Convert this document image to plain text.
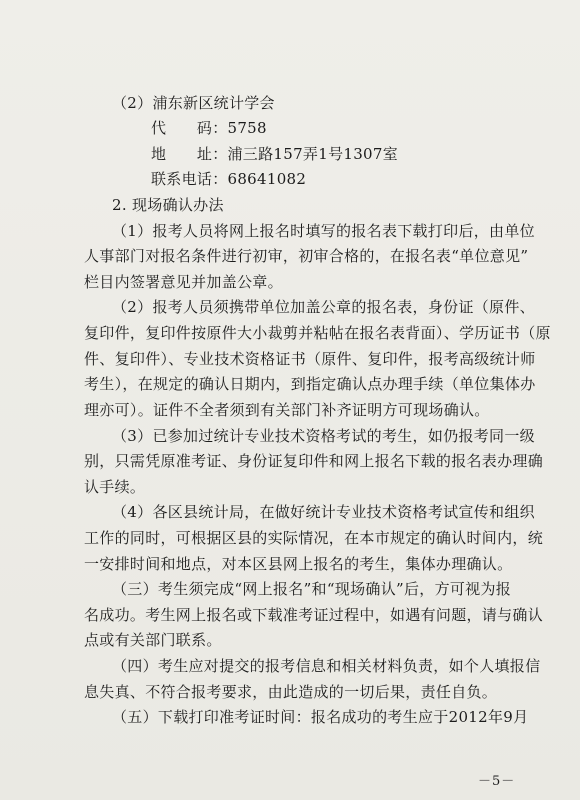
（2）浦东新区统计学会
代　　码：5758
地　　址：浦三路157弄1号1307室
联系电话：68641082
2. 现场确认办法
（1）报考人员将网上报名时填写的报名表下载打印后，由单位
人事部门对报名条件进行初审，初审合格的，在报名表“单位意见”
栏目内签署意见并加盖公章。
（2）报考人员须携带单位加盖公章的报名表，身份证（原件、
复印件，复印件按原件大小裁剪并粘帖在报名表背面）、学历证书（原
件、复印件）、专业技术资格证书（原件、复印件，报考高级统计师
考生），在规定的确认日期内，到指定确认点办理手续（单位集体办
理亦可）。证件不全者须到有关部门补齐证明方可现场确认。
（3）已参加过统计专业技术资格考试的考生，如仍报考同一级
别，只需凭原准考证、身份证复印件和网上报名下载的报名表办理确
认手续。
（4）各区县统计局，在做好统计专业技术资格考试宣传和组织
工作的同时，可根据区县的实际情况，在本市规定的确认时间内，统
一安排时间和地点，对本区县网上报名的考生，集体办理确认。
（三）考生须完成“网上报名”和“现场确认”后，方可视为报
名成功。考生网上报名或下载准考证过程中，如遇有问题，请与确认
点或有关部门联系。
（四）考生应对提交的报考信息和相关材料负责，如个人填报信
息失真、不符合报考要求，由此造成的一切后果，责任自负。
（五）下载打印准考证时间：报名成功的考生应于2012年9月
－5－
